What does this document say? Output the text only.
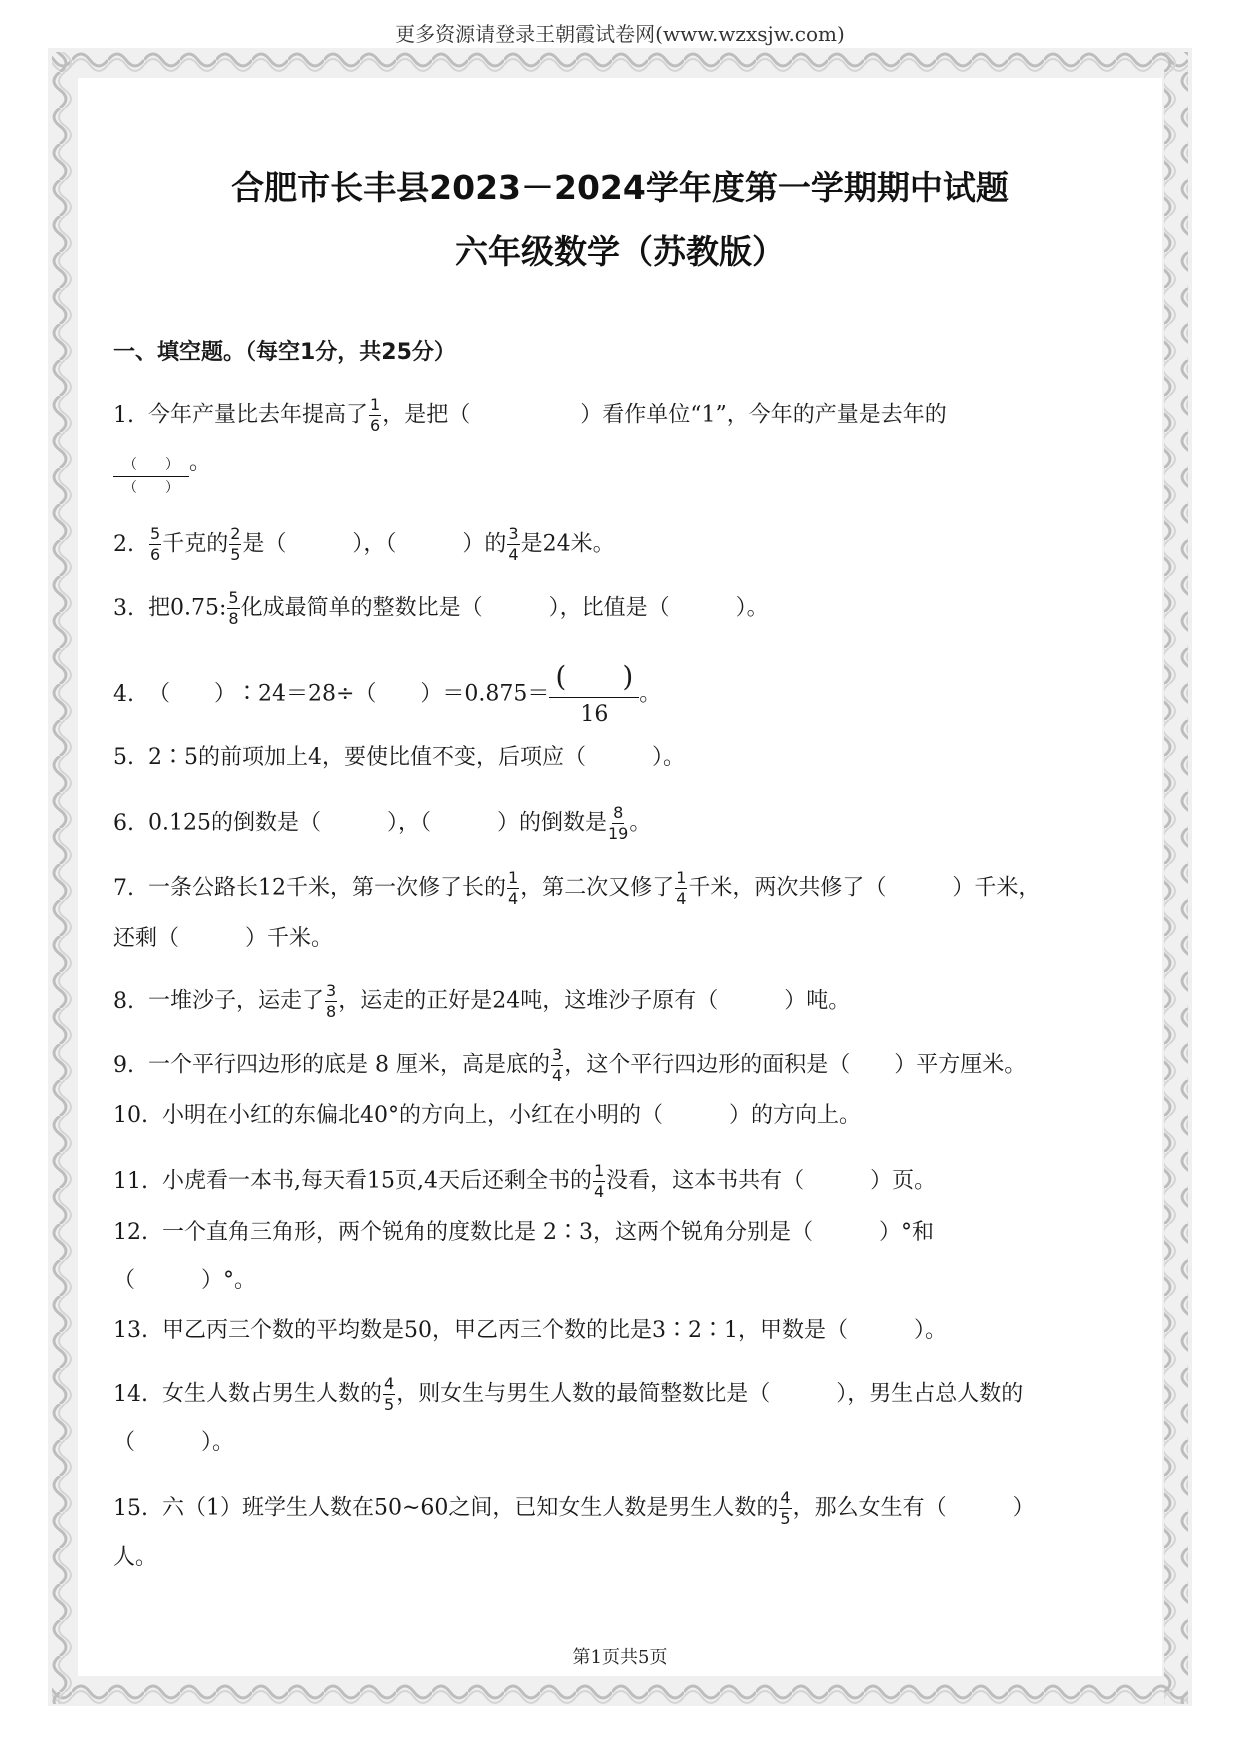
更多资源请登录王朝霞试卷网(www.wzxsjw.com)
合肥市长丰县2023－2024学年度第一学期期中试题
六年级数学（苏教版）
一、填空题。（每空1分，共25分）
1. 今年产量比去年提高了 $\frac{1}{6}$ ，是把（　　　　　）看作单位“1”，今年的产量是去年的
$\frac{( )}{( )}$ 。
2. $\frac{5}{6}$ 千克的 $\frac{2}{5}$ 是（　　　），（　　　）的 $\frac{3}{4}$ 是24米。
3. 把0.75: $\frac{5}{8}$ 化成最简单的整数比是（　　　），比值是（　　　）。
4. （　　）∶24＝28÷（　　）$=0.875= \frac{( )}{16}$ 。
5. 2∶5的前项加上4，要使比值不变，后项应（　　　）。
6. 0.125的倒数是（　　　），（　　　）的倒数是 $\frac{8}{19}$ 。
7. 一条公路长12千米，第一次修了长的 $\frac{1}{4}$ ，第二次又修了 $\frac{1}{4}$ 千米，两次共修了（　　　）千米，
还剩（　　　）千米。
8. 一堆沙子，运走了 $\frac{3}{8}$ ，运走的正好是24吨，这堆沙子原有（　　　）吨。
9. 一个平行四边形的底是 8 厘米，高是底的 $\frac{3}{4}$ ，这个平行四边形的面积是（　　）平方厘米。
10. 小明在小红的东偏北40°的方向上，小红在小明的（　　　）的方向上。
11. 小虎看一本书,每天看15页,4天后还剩全书的 $\frac{1}{4}$ 没看，这本书共有（　　　）页。
12. 一个直角三角形，两个锐角的度数比是 2∶3，这两个锐角分别是（　　　）°和
（　　　）°。
13. 甲乙丙三个数的平均数是50，甲乙丙三个数的比是3∶2∶1，甲数是（　　　）。
14. 女生人数占男生人数的 $\frac{4}{5}$ ，则女生与男生人数的最简整数比是（　　　），男生占总人数的
（　　　）。
15. 六（1）班学生人数在50~60之间，已知女生人数是男生人数的 $\frac{4}{5}$ ，那么女生有（　　　）
人。
第1页共5页
